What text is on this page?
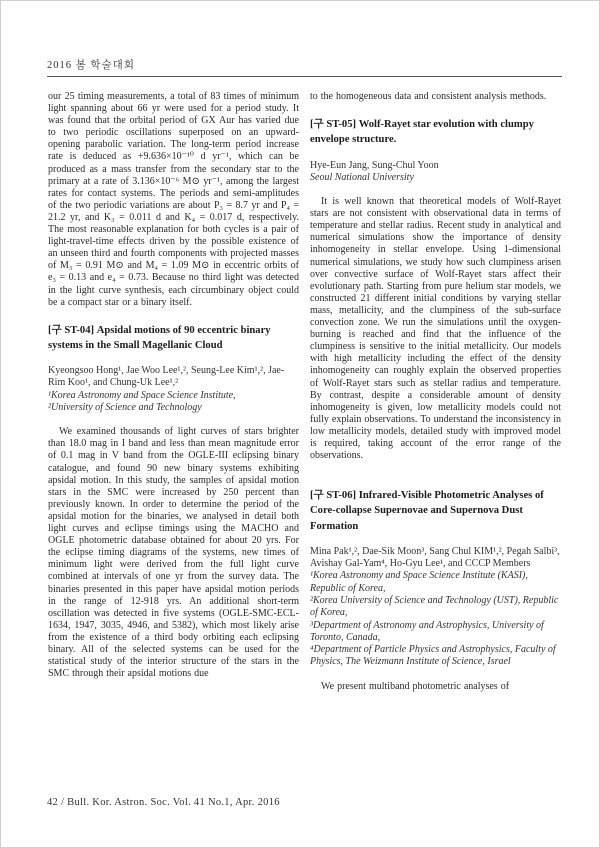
2016 봄 학술대회
our 25 timing measurements, a total of 83 times of minimum light spanning about 66 yr were used for a period study. It was found that the orbital period of GX Aur has varied due to two periodic oscillations superposed on an upward-opening parabolic variation. The long-term period increase rate is deduced as +9.636×10⁻¹⁰ d yr⁻¹, which can be produced as a mass transfer from the secondary star to the primary at a rate of 3.136×10⁻⁶ M⊙ yr⁻¹, among the largest rates for contact systems. The periods and semi-amplitudes of the two periodic variations are about P₃ = 8.7 yr and P₄ = 21.2 yr, and K₃ = 0.011 d and K₄ = 0.017 d, respectively. The most reasonable explanation for both cycles is a pair of light-travel-time effects driven by the possible existence of an unseen third and fourth components with projected masses of M₃ = 0.91 M⊙ and M₄ = 1.09 M⊙ in eccentric orbits of e₃ = 0.13 and e₄ = 0.73. Because no third light was detected in the light curve synthesis, each circumbinary object could be a compact star or a binary itself.
[구 ST-04] Apsidal motions of 90 eccentric binary systems in the Small Magellanic Cloud
Kyeongsoo Hong¹, Jae Woo Lee¹,², Seung-Lee Kim¹,², Jae-Rim Koo¹, and Chung-Uk Lee¹,²
¹Korea Astronomy and Space Science Institute,
²University of Science and Technology
We examined thousands of light curves of stars brighter than 18.0 mag in I band and less than mean magnitude error of 0.1 mag in V band from the OGLE-III eclipsing binary catalogue, and found 90 new binary systems exhibiting apsidal motion. In this study, the samples of apsidal motion stars in the SMC were increased by 250 percent than previously known. In order to determine the period of the apsidal motion for the binaries, we analysed in detail both light curves and eclipse timings using the MACHO and OGLE photometric database obtained for about 20 yrs. For the eclipse timing diagrams of the systems, new times of minimum light were derived from the full light curve combined at intervals of one yr from the survey data. The binaries presented in this paper have apsidal motion periods in the range of 12-918 yrs. An additional short-term oscillation was detected in five systems (OGLE-SMC-ECL-1634, 1947, 3035, 4946, and 5382), which most likely arise from the existence of a third body orbiting each eclipsing binary. All of the selected systems can be used for the statistical study of the interior structure of the stars in the SMC through their apsidal motions due
to the homogeneous data and consistent analysis methods.
[구 ST-05] Wolf-Rayet star evolution with clumpy envelope structure.
Hye-Eun Jang, Sung-Chul Yoon
Seoul National University
It is well known that theoretical models of Wolf-Rayet stars are not consistent with observational data in terms of temperature and stellar radius. Recent study in analytical and numerical simulations show the importance of density inhomogeneity in stellar envelope. Using 1-dimensional numerical simulations, we study how such clumpiness arisen over convective surface of Wolf-Rayet stars affect their evolutionary path. Starting from pure helium star models, we constructed 21 different initial conditions by varying stellar mass, metallicity, and the clumpiness of the sub-surface convection zone. We run the simulations until the oxygen-burning is reached and find that the influence of the clumpiness is sensitive to the initial metallicity. Our models with high metallicity including the effect of the density inhomogeneity can roughly explain the observed properties of Wolf-Rayet stars such as stellar radius and temperature. By contrast, despite a considerable amount of density inhomogeneity is given, low metallicity models could not fully explain observations. To understand the inconsistency in low metallicity models, detailed study with improved model is required, taking account of the error range of the observations.
[구 ST-06] Infrared-Visible Photometric Analyses of Core-collapse Supernovae and Supernova Dust Formation
Mina Pak¹,², Dae-Sik Moon³, Sang Chul KIM¹,², Pegah Salbi³, Avishay Gal-Yam⁴, Ho-Gyu Lee¹, and CCCP Members
¹Korea Astronomy and Space Science Institute (KASI), Republic of Korea,
²Korea University of Science and Technology (UST), Republic of Korea,
³Department of Astronomy and Astrophysics, University of Toronto, Canada,
⁴Department of Particle Physics and Astrophysics, Faculty of Physics, The Weizmann Institute of Science, Israel
We present multiband photometric analyses of
42 / Bull. Kor. Astron. Soc. Vol. 41 No.1, Apr. 2016
